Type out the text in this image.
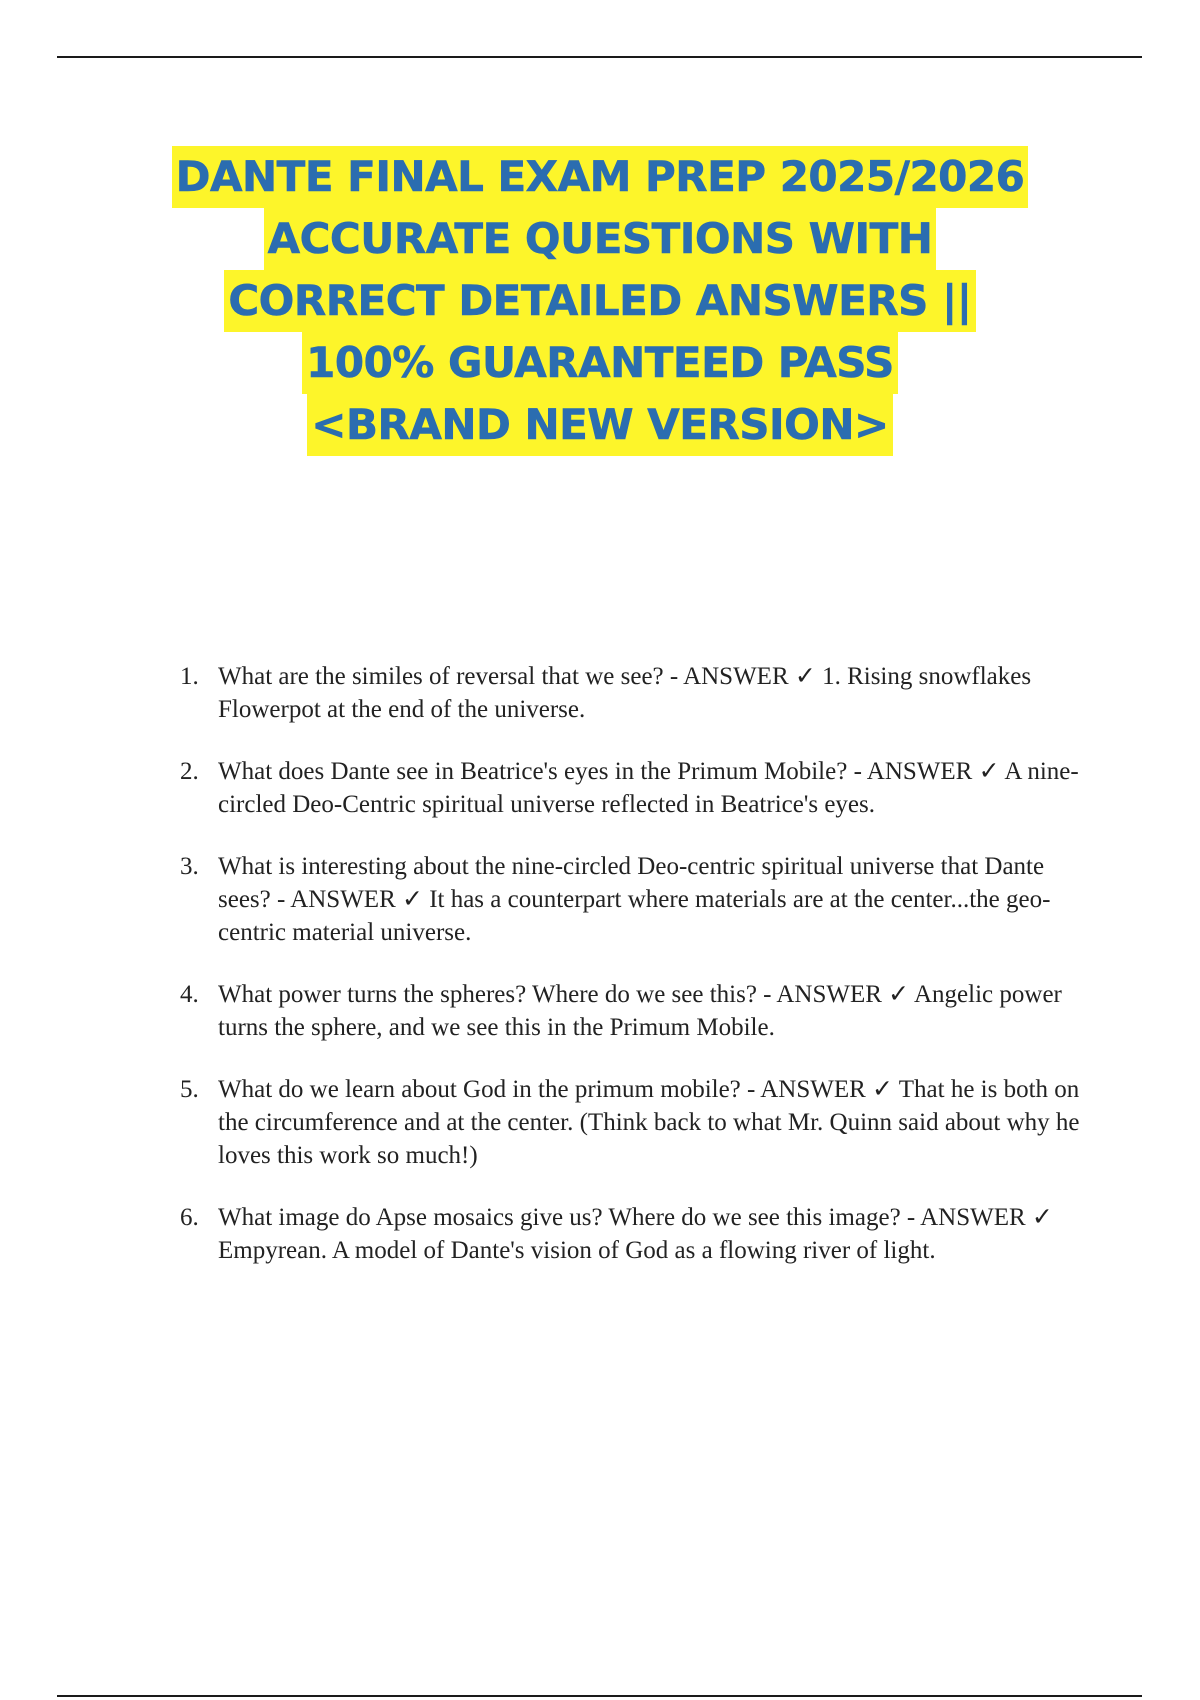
DANTE FINAL EXAM PREP 2025/2026
ACCURATE QUESTIONS WITH
CORRECT DETAILED ANSWERS ||
100% GUARANTEED PASS
<BRAND NEW VERSION>
1. What are the similes of reversal that we see? - ANSWER ✓ 1. Rising snowflakes
Flowerpot at the end of the universe.
2. What does Dante see in Beatrice's eyes in the Primum Mobile? - ANSWER ✓ A nine-circled Deo-Centric spiritual universe reflected in Beatrice's eyes.
3. What is interesting about the nine-circled Deo-centric spiritual universe that Dante sees? - ANSWER ✓ It has a counterpart where materials are at the center...the geo-centric material universe.
4. What power turns the spheres? Where do we see this? - ANSWER ✓ Angelic power turns the sphere, and we see this in the Primum Mobile.
5. What do we learn about God in the primum mobile? - ANSWER ✓ That he is both on the circumference and at the center. (Think back to what Mr. Quinn said about why he loves this work so much!)
6. What image do Apse mosaics give us? Where do we see this image? - ANSWER ✓ Empyrean. A model of Dante's vision of God as a flowing river of light.
